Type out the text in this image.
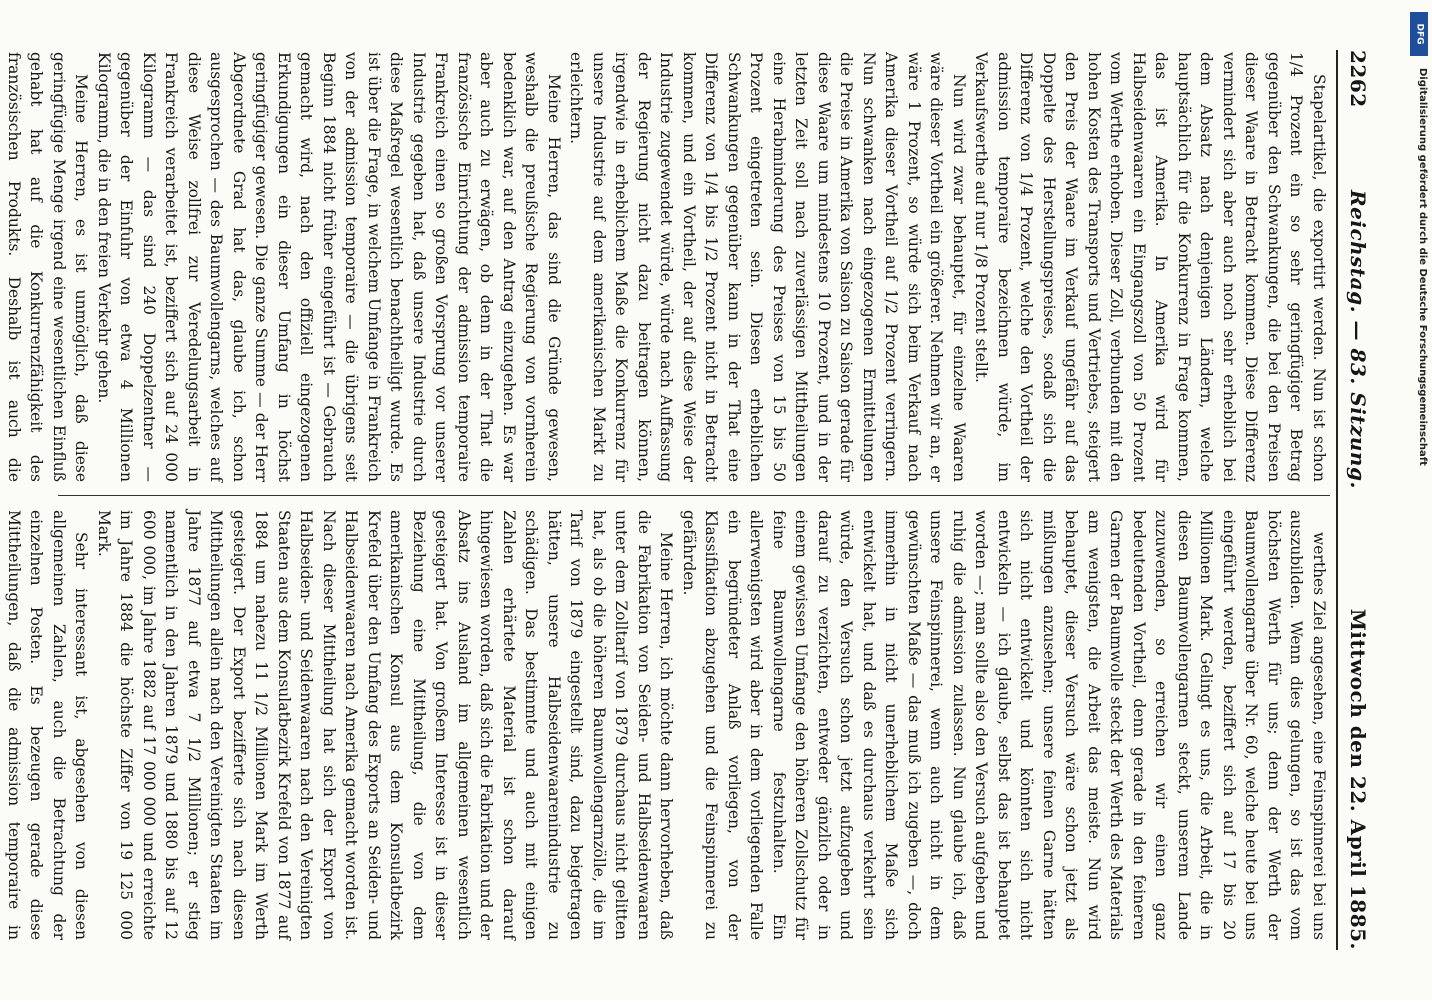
2262
Reichstag. — 83. Sitzung.
Mittwoch den 22. April 1885.

Stapelartikel, die exportirt werden. Nun ist schon 1/4 Prozent ein so sehr geringfügiger Betrag gegenüber den Schwankungen, die bei den Preisen dieser Waare in Betracht kommen. Diese Differenz vermindert sich aber auch noch sehr erheblich bei dem Absatz nach denjenigen Ländern, welche hauptsächlich für die Konkurrenz in Frage kommen, das ist Amerika. In Amerika wird für Halbseidenwaaren ein Eingangszoll von 50 Prozent vom Werthe erhoben. Dieser Zoll, verbunden mit den hohen Kosten des Transports und Vertriebes, steigert den Preis der Waare im Verkauf ungefähr auf das Doppelte des Herstellungspreises, sodaß sich die Differenz von 1/4 Prozent, welche den Vortheil der admission temporaire bezeichnen würde, im Verkaufswerthe auf nur 1/8 Prozent stellt.

Nun wird zwar behauptet, für einzelne Waaren wäre dieser Vortheil ein größerer. Nehmen wir an, er wäre 1 Prozent, so würde sich beim Verkauf nach Amerika dieser Vortheil auf 1/2 Prozent verringern. Nun schwanken nach eingezogenen Ermittelungen die Preise in Amerika von Saison zu Saison gerade für diese Waare um mindestens 10 Prozent, und in der letzten Zeit soll nach zuverlässigen Mittheilungen eine Herabminderung des Preises von 15 bis 50 Prozent eingetreten sein. Diesen erheblichen Schwankungen gegenüber kann in der That eine Differenz von 1/4 bis 1/2 Prozent nicht in Betracht kommen, und ein Vortheil, der auf diese Weise der Industrie zugewendet würde, würde nach Auffassung der Regierung nicht dazu beitragen können, irgendwie in erheblichem Maße die Konkurrenz für unsere Industrie auf dem amerikanischen Markt zu erleichtern.

Meine Herren, das sind die Gründe gewesen, weshalb die preußische Regierung von vornherein bedenklich war, auf den Antrag einzugehen. Es war aber auch zu erwägen, ob denn in der That die französische Einrichtung der admission temporaire Frankreich einen so großen Vorsprung vor unserer Industrie gegeben hat, daß unsere Industrie durch diese Maßregel wesentlich benachtheiligt wurde. Es ist über die Frage, in welchem Umfange in Frankreich von der admission temporaire — die übrigens seit Beginn 1884 nicht früher eingeführt ist — Gebrauch gemacht wird, nach den offiziell eingezogenen Erkundigungen ein dieser Umfang in höchst geringfügiger gewesen. Die ganze Summe — der Herr Abgeordnete Grad hat das, glaube ich, schon ausgesprochen — des Baumwollengarns, welches auf diese Weise zollfrei zur Veredelungsarbeit in Frankreich verarbeitet ist, beziffert sich auf 24 000 Kilogramm — das sind 240 Doppelzentner — gegenüber der Einfuhr von etwa 4 Millionen Kilogramm, die in den freien Verkehr gehen.

Meine Herren, es ist unmöglich, daß diese geringfügige Menge irgend eine wesentlichen Einfluß gehabt hat auf die Konkurrenzfähigkeit des französischen Produkts. Deshalb ist auch die

werthes Ziel angesehen, eine Feinspinnerei bei uns auszubilden. Wenn dies gelungen, so ist das vom höchsten Werth für uns; denn der Werth der Baumwollengarne über Nr. 60, welche heute bei uns eingeführt werden, beziffert sich auf 17 bis 20 Millionen Mark. Gelingt es uns, die Arbeit, die in diesen Baumwollengarnen steckt, unserem Lande zuzuwenden, so erreichen wir einen ganz bedeutenden Vortheil, denn gerade in den feineren Garnen der Baumwolle steckt der Werth des Materials am wenigsten, die Arbeit das meiste. Nun wird behauptet, dieser Versuch wäre schon jetzt als mißlungen anzusehen; unsere feinen Garne hätten sich nicht entwickelt und könnten sich nicht entwickeln — ich glaube, selbst das ist behauptet worden —; man sollte also den Versuch aufgeben und ruhig die admission zulassen. Nun glaube ich, daß unsere Feinspinnerei, wenn auch nicht in dem gewünschten Maße — das muß ich zugeben —, doch immerhin in nicht unerheblichem Maße sich entwickelt hat, und daß es durchaus verkehrt sein würde, den Versuch schon jetzt aufzugeben und darauf zu verzichten, entweder gänzlich oder in einem gewissen Umfange den höheren Zollschutz für feine Baumwollengarne festzuhalten. Ein allerwenigsten wird aber in dem vorliegenden Falle ein begründeter Anlaß vorliegen, von der Klassifikation abzugehen und die Feinspinnerei zu gefährden.

Meine Herren, ich möchte dann hervorheben, daß die Fabrikation von Seiden- und Halbseidenwaaren unter dem Zolltarif von 1879 durchaus nicht gelitten hat, als ob die höheren Baumwollengarnzölle, die im Tarif von 1879 eingestellt sind, dazu beigetragen hätten, unsere Halbseidenwaarenindustrie zu schädigen. Das bestimmte und auch mit einigen Zahlen erhärtete Material ist schon darauf hingewiesen worden, daß sich die Fabrikation und der Absatz ins Ausland im allgemeinen wesentlich gesteigert hat. Von großem Interesse ist in dieser Beziehung eine Mittheilung, die von dem amerikanischen Konsul aus dem Konsulatbezirk Krefeld über den Umfang des Exports an Seiden- und Halbseidenwaaren nach Amerika gemacht worden ist. Nach dieser Mittheilung hat sich der Export von Halbseiden- und Seidenwaaren nach den Vereinigten Staaten aus dem Konsulatbezirk Krefeld von 1877 auf 1884 um nahezu 11 1/2 Millionen Mark im Werth gesteigert. Der Export bezifferte sich nach diesen Mittheilungen allein nach den Vereinigten Staaten im Jahre 1877 auf etwa 7 1/2 Millionen; er stieg namentlich in den Jahren 1879 und 1880 bis auf 12 600 000, im Jahre 1882 auf 17 000 000 und erreichte im Jahre 1884 die höchste Ziffer von 19 125 000 Mark.

Sehr interessant ist, abgesehen von diesen allgemeinen Zahlen, auch die Betrachtung der einzelnen Posten. Es bezeugen gerade diese Mittheilungen, daß die admission temporaire in

DFG
Digitalisierung gefördert durch die Deutsche Forschungsgemeinschaft
